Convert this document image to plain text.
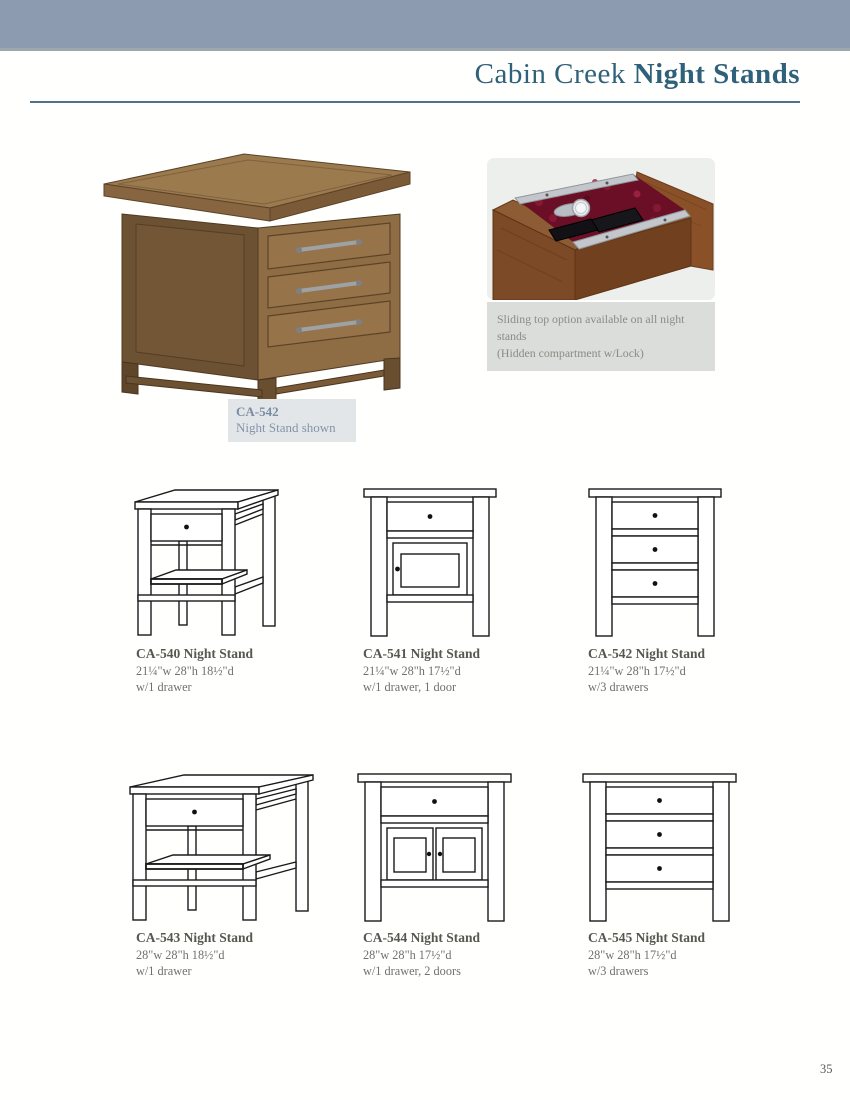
Cabin Creek Night Stands
CA-542
Night Stand shown
Sliding top option available on all night stands
(Hidden compartment w/Lock)
CA-540 Night Stand
21¼"w 28"h 18½"d
w/1 drawer
CA-541 Night Stand
21¼"w 28"h 17½"d
w/1 drawer, 1 door
CA-542 Night Stand
21¼"w 28"h 17½"d
w/3 drawers
CA-543 Night Stand
28"w 28"h 18½"d
w/1 drawer
CA-544 Night Stand
28"w 28"h 17½"d
w/1 drawer, 2 doors
CA-545 Night Stand
28"w 28"h 17½"d
w/3 drawers
35
